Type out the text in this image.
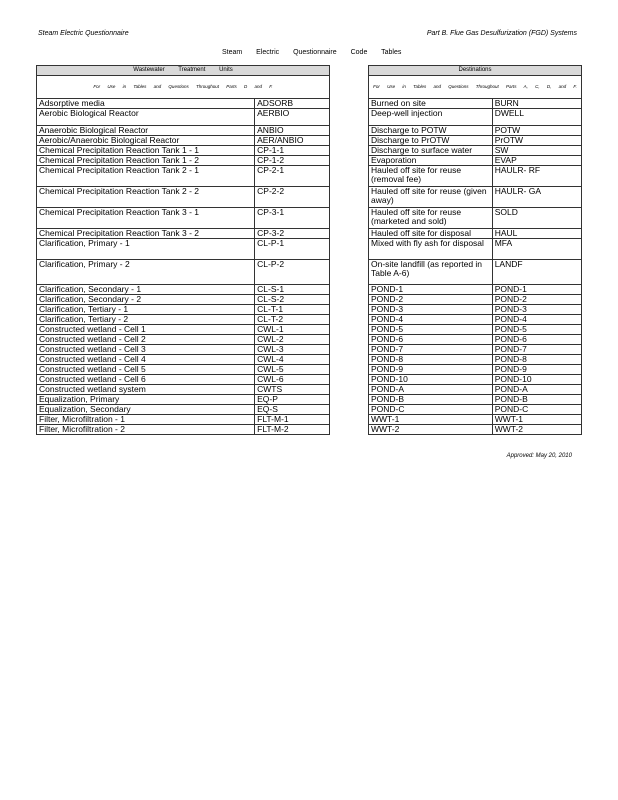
Steam Electric Questionnaire	Part B. Flue Gas Desulfurization (FGD) Systems
Steam Electric Questionnaire Code Tables
Wastewater Treatment Units	
For Use in Tables and Questions Throughout Parts D and F.	
Adsorptive media	ADSORB
Aerobic Biological Reactor	AERBIO
Anaerobic Biological Reactor	ANBIO
Aerobic/Anaerobic Biological Reactor	AER/ANBIO
Chemical Precipitation Reaction Tank 1 - 1	CP-1-1
Chemical Precipitation Reaction Tank 1 - 2	CP-1-2
Chemical Precipitation Reaction Tank 2 - 1	CP-2-1
Chemical Precipitation Reaction Tank 2 - 2	CP-2-2
Chemical Precipitation Reaction Tank 3 - 1	CP-3-1
Chemical Precipitation Reaction Tank 3 - 2	CP-3-2
Clarification, Primary - 1	CL-P-1
Clarification, Primary - 2	CL-P-2
Clarification, Secondary - 1	CL-S-1
Clarification, Secondary - 2	CL-S-2
Clarification, Tertiary - 1	CL-T-1
Clarification, Tertiary - 2	CL-T-2
Constructed wetland - Cell 1	CWL-1
Constructed wetland - Cell 2	CWL-2
Constructed wetland - Cell 3	CWL-3
Constructed wetland - Cell 4	CWL-4
Constructed wetland - Cell 5	CWL-5
Constructed wetland - Cell 6	CWL-6
Constructed wetland system	CWTS
Equalization, Primary	EQ-P
Equalization, Secondary	EQ-S
Filter, Microfiltration - 1	FLT-M-1
Filter, Microfiltration - 2	FLT-M-2
Destinations	
For Use in Tables and Questions Throughout Parts A, C, D, and F.	
Burned on site	BURN
Deep-well injection	DWELL
Discharge to POTW	POTW
Discharge to PrOTW	PrOTW
Discharge to surface water	SW
Evaporation	EVAP
Hauled off site for reuse (removal fee)	HAULR- RF
Hauled off site for reuse (given away)	HAULR- GA
Hauled off site for reuse (marketed and sold)	SOLD
Hauled off site for disposal	HAUL
Mixed with fly ash for disposal	MFA
On-site landfill (as reported in Table A-6)	LANDF
POND-1	POND-1
POND-2	POND-2
POND-3	POND-3
POND-4	POND-4
POND-5	POND-5
POND-6	POND-6
POND-7	POND-7
POND-8	POND-8
POND-9	POND-9
POND-10	POND-10
POND-A	POND-A
POND-B	POND-B
POND-C	POND-C
WWT-1	WWT-1
WWT-2	WWT-2
Approved: May 20, 2010
